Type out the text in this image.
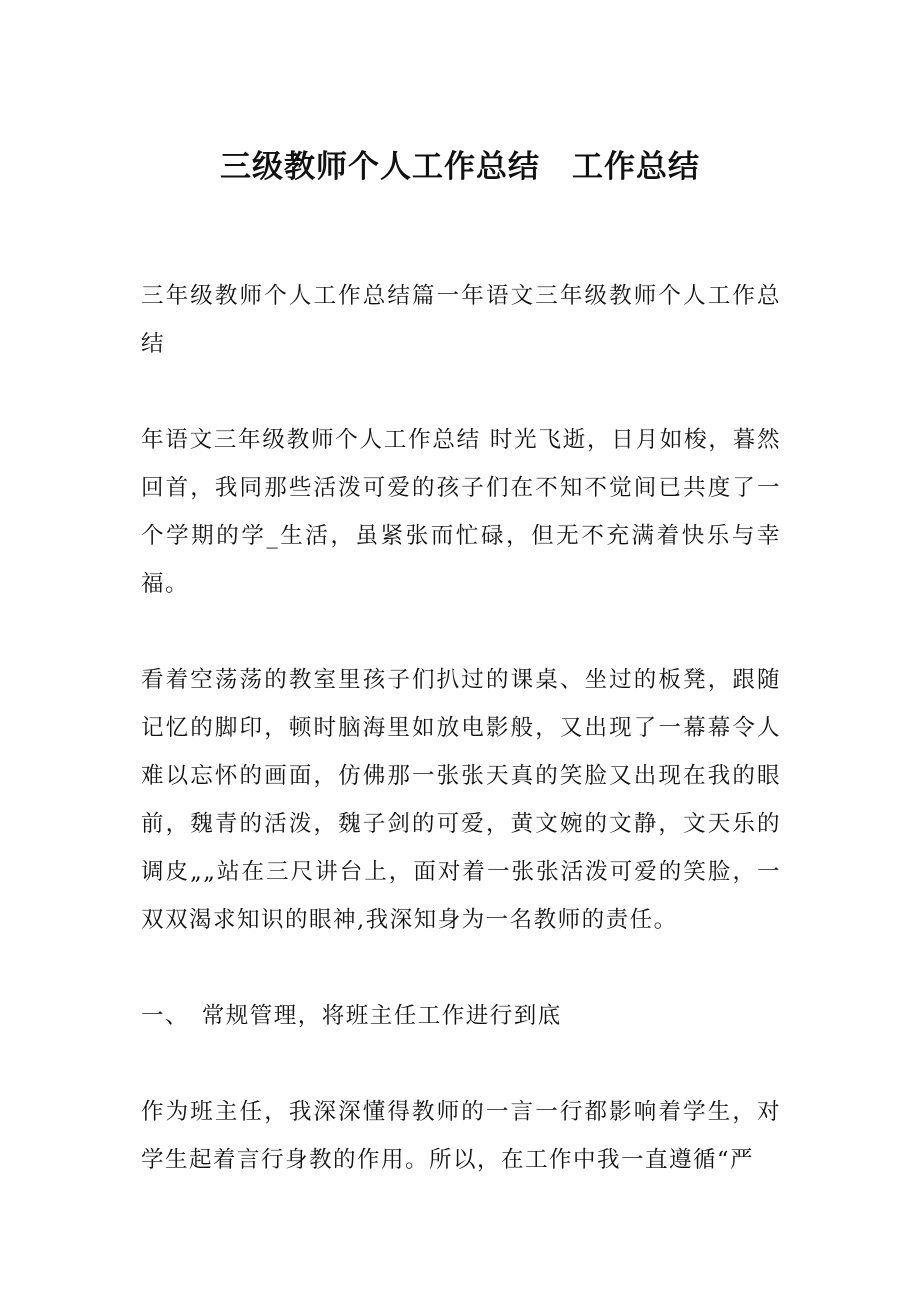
三级教师个人工作总结　工作总结

三年级教师个人工作总结篇一年语文三年级教师个人工作总结

年语文三年级教师个人工作总结 时光飞逝，日月如梭，暮然回首，我同那些活泼可爱的孩子们在不知不觉间已共度了一个学期的学_生活，虽紧张而忙碌，但无不充满着快乐与幸福。

看着空荡荡的教室里孩子们扒过的课桌、坐过的板凳，跟随记忆的脚印，顿时脑海里如放电影般，又出现了一幕幕令人难以忘怀的画面，仿佛那一张张天真的笑脸又出现在我的眼前，魏青的活泼，魏子剑的可爱，黄文婉的文静，文天乐的调皮„„站在三尺讲台上，面对着一张张活泼可爱的笑脸，一双双渴求知识的眼神,我深知身为一名教师的责任。

一、　常规管理，将班主任工作进行到底

作为班主任，我深深懂得教师的一言一行都影响着学生，对学生起着言行身教的作用。所以，在工作中我一直遵循“严
